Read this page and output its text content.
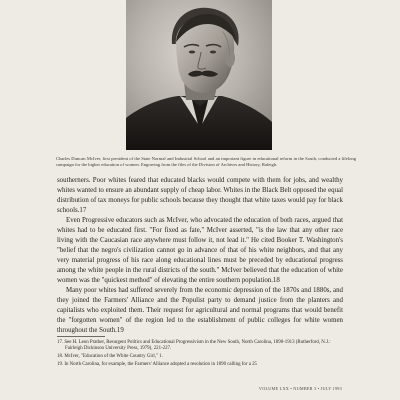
Charles Duncan McIver, first president of the State Normal and Industrial School and an important figure in educational reform in the South, conducted a lifelong campaign for the higher education of women. Engraving from the files of the Division of Archives and History, Raleigh.

southerners. Poor whites feared that educated blacks would compete with them for jobs, and wealthy whites wanted to ensure an abundant supply of cheap labor. Whites in the Black Belt opposed the equal distribution of tax moneys for public schools because they thought that white taxes would pay for black schools.17

Even Progressive educators such as McIver, who advocated the education of both races, argued that whites had to be educated first. "For fixed as fate," McIver asserted, "is the law that any other race living with the Caucasian race anywhere must follow it, not lead it." He cited Booker T. Washington's "belief that the negro's civilization cannot go in advance of that of his white neighbors, and that any very material progress of his race along educational lines must be preceded by educational progress among the white people in the rural districts of the south." McIver believed that the education of white women was the "quickest method" of elevating the entire southern population.18

Many poor whites had suffered severely from the economic depression of the 1870s and 1880s, and they joined the Farmers' Alliance and the Populist party to demand justice from the planters and capitalists who exploited them. Their request for agricultural and normal programs that would benefit the "forgotten women" of the region led to the establishment of public colleges for white women throughout the South.19

17. See H. Leon Prather, Resurgent Politics and Educational Progressivism in the New South, North Carolina, 1890-1913 (Rutherford, N.J.: Fairleigh Dickinson University Press, 1979), 221-227.

18. McIver, "Education of the White Country Girl," 1.

19. In North Carolina, for example, the Farmers' Alliance adopted a resolution in 1890 calling for a 25

VOLUME LXX • NUMBER 3 • JULY 1993
